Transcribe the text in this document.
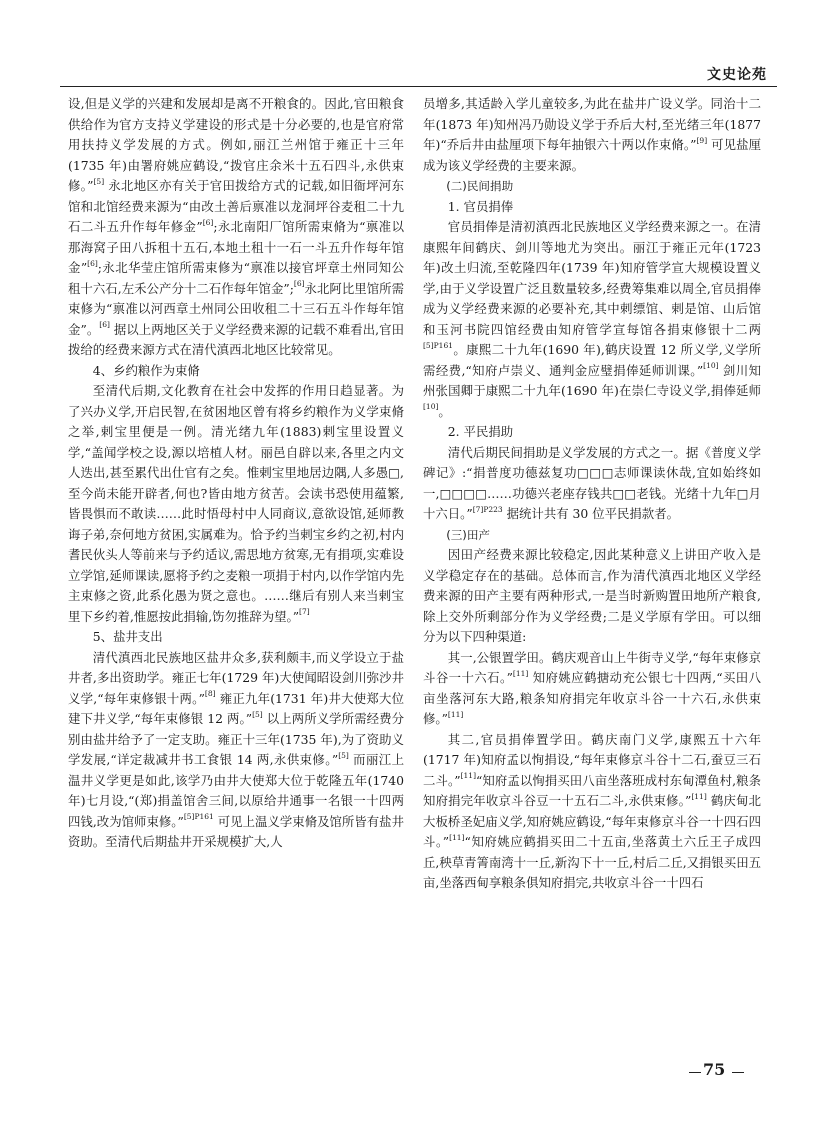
文史论苑

设,但是义学的兴建和发展却是离不开粮食的。因此,官田粮食供给作为官方支持义学建设的形式是十分必要的,也是官府常用扶持义学发展的方式。例如,丽江兰州馆于雍正十三年(1735 年)由署府姚应鹤设,“拨官庄余米十五石四斗,永供束修。”[5] 永北地区亦有关于官田拨给方式的记载,如旧衙坪河东馆和北馆经费来源为“由改土善后禀准以龙洞坪谷麦租二十九石二斗五升作每年修金”[6];永北南阳厂馆所需束脩为“禀准以那海窝子田八拆租十五石,本地土租十一石一斗五升作每年馆金”[6];永北华莹庄馆所需束修为“禀准以接官坪章土州同知公租十六石,左禾公产分十二石作每年馆金”;[6]永北阿比里馆所需束修为“禀准以河西章土州同公田收租二十三石五斗作每年馆金”。[6] 据以上两地区关于义学经费来源的记载不难看出,官田拨给的经费来源方式在清代滇西北地区比较常见。

4、乡约粮作为束脩

至清代后期,文化教育在社会中发挥的作用日趋显著。为了兴办义学,开启民智,在贫困地区曾有将乡约粮作为义学束脩之举,剌宝里便是一例。清光绪九年(1883)剌宝里设置义学,“盖闻学校之设,源以培植人材。丽邑自辟以来,各里之内文人迭出,甚至累代出仕官有之矣。惟剌宝里地居边隅,人多愚□,至今尚未能开辟者,何也?皆由地方贫苦。会读书恐使用蕴繁,皆畏惧而不敢读……此时悟母村中人同商议,意欲设馆,延师教诲子弟,奈何地方贫困,实属难为。恰予约当剌宝乡约之初,村内耆民伙头人等前来与予约适议,需思地方贫寒,无有捐项,实难设立学馆,延师课读,愿将予约之麦粮一项捐于村内,以作学馆内先主束修之资,此系化愚为贤之意也。……继后有别人来当剌宝里下乡约着,惟愿按此捐输,饬勿推辞为望。”[7]

5、盐井支出

清代滇西北民族地区盐井众多,获利颇丰,而义学设立于盐井者,多出资助学。雍正七年(1729 年)大使闻昭设剑川弥沙井义学,“每年束修银十两。”[8] 雍正九年(1731 年)井大使郑大位建下井义学,“每年束修银 12 两。”[5] 以上两所义学所需经费分别由盐井给予了一定支助。雍正十三年(1735 年),为了资助义学发展,“详定裁减井书工食银 14 两,永供束修。”[5] 而丽江上温井义学更是如此,该学乃由井大使郑大位于乾隆五年(1740 年)七月设,“(郑)捐盖馆舍三间,以原给井通事一名银一十四两四钱,改为馆师束修。”$^{[5]P161}$ 可见上温义学束脩及馆所皆有盐井资助。至清代后期盐井开采规模扩大,人

员增多,其适龄入学儿童较多,为此在盐井广设义学。同治十二年(1873 年)知州冯乃勋设义学于乔后大村,至光绪三年(1877 年)“乔后井由盐厘项下每年抽银六十两以作束脩。”[9] 可见盐厘成为该义学经费的主要来源。

(二)民间捐助

1. 官员捐俸

官员捐俸是清初滇西北民族地区义学经费来源之一。在清康熙年间鹤庆、剑川等地尤为突出。丽江于雍正元年(1723 年)改土归流,至乾隆四年(1739 年)知府管学宣大规模设置义学,由于义学设置广泛且数量较多,经费筹集难以周全,官员捐俸成为义学经费来源的必要补充,其中剌缥馆、剌是馆、山后馆和玉河书院四馆经费由知府管学宣每馆各捐束修银十二两$^{[5]P161}$。康熙二十九年(1690 年),鹤庆设置 12 所义学,义学所需经费,“知府卢崇义、通判金应璧捐俸延师训课。”[10] 剑川知州张国卿于康熙二十九年(1690 年)在崇仁寺设义学,捐俸延师[10]。

2. 平民捐助

清代后期民间捐助是义学发展的方式之一。据《普度义学碑记》:“捐普度功德兹复功□□□志师课读休哉,宜如始终如一,□□□□……功德兴老座存钱共□□老钱。光绪十九年□月十六日。”$^{[7]P223}$ 据统计共有 30 位平民捐款者。

(三)田产

因田产经费来源比较稳定,因此某种意义上讲田产收入是义学稳定存在的基础。总体而言,作为清代滇西北地区义学经费来源的田产主要有两种形式,一是当时新购置田地所产粮食,除上交外所剩部分作为义学经费;二是义学原有学田。可以细分为以下四种渠道:

其一,公银置学田。鹤庆观音山上牛街寺义学,“每年束修京斗谷一十六石。”[11] 知府姚应鹤搪动充公银七十四两,“买田八亩坐落河东大路,粮条知府捐完年收京斗谷一十六石,永供束修。”[11]

其二,官员捐俸置学田。鹤庆南门义学,康熙五十六年(1717 年)知府孟以恂捐设,“每年束修京斗谷十二石,蚕豆三石二斗。”[11]“知府孟以恂捐买田八亩坐落班成村东甸潭鱼村,粮条知府捐完年收京斗谷豆一十五石二斗,永供束修。”[11] 鹤庆甸北大板桥圣妃庙义学,知府姚应鹤设,“每年束修京斗谷一十四石四斗。”[11]“知府姚应鹤捐买田二十五亩,坐落黄土六丘王子成四丘,秧草青箐南湾十一丘,新沟下十一丘,村后二丘,又捐银买田五亩,坐落西甸享粮条俱知府捐完,共收京斗谷一十四石

75
